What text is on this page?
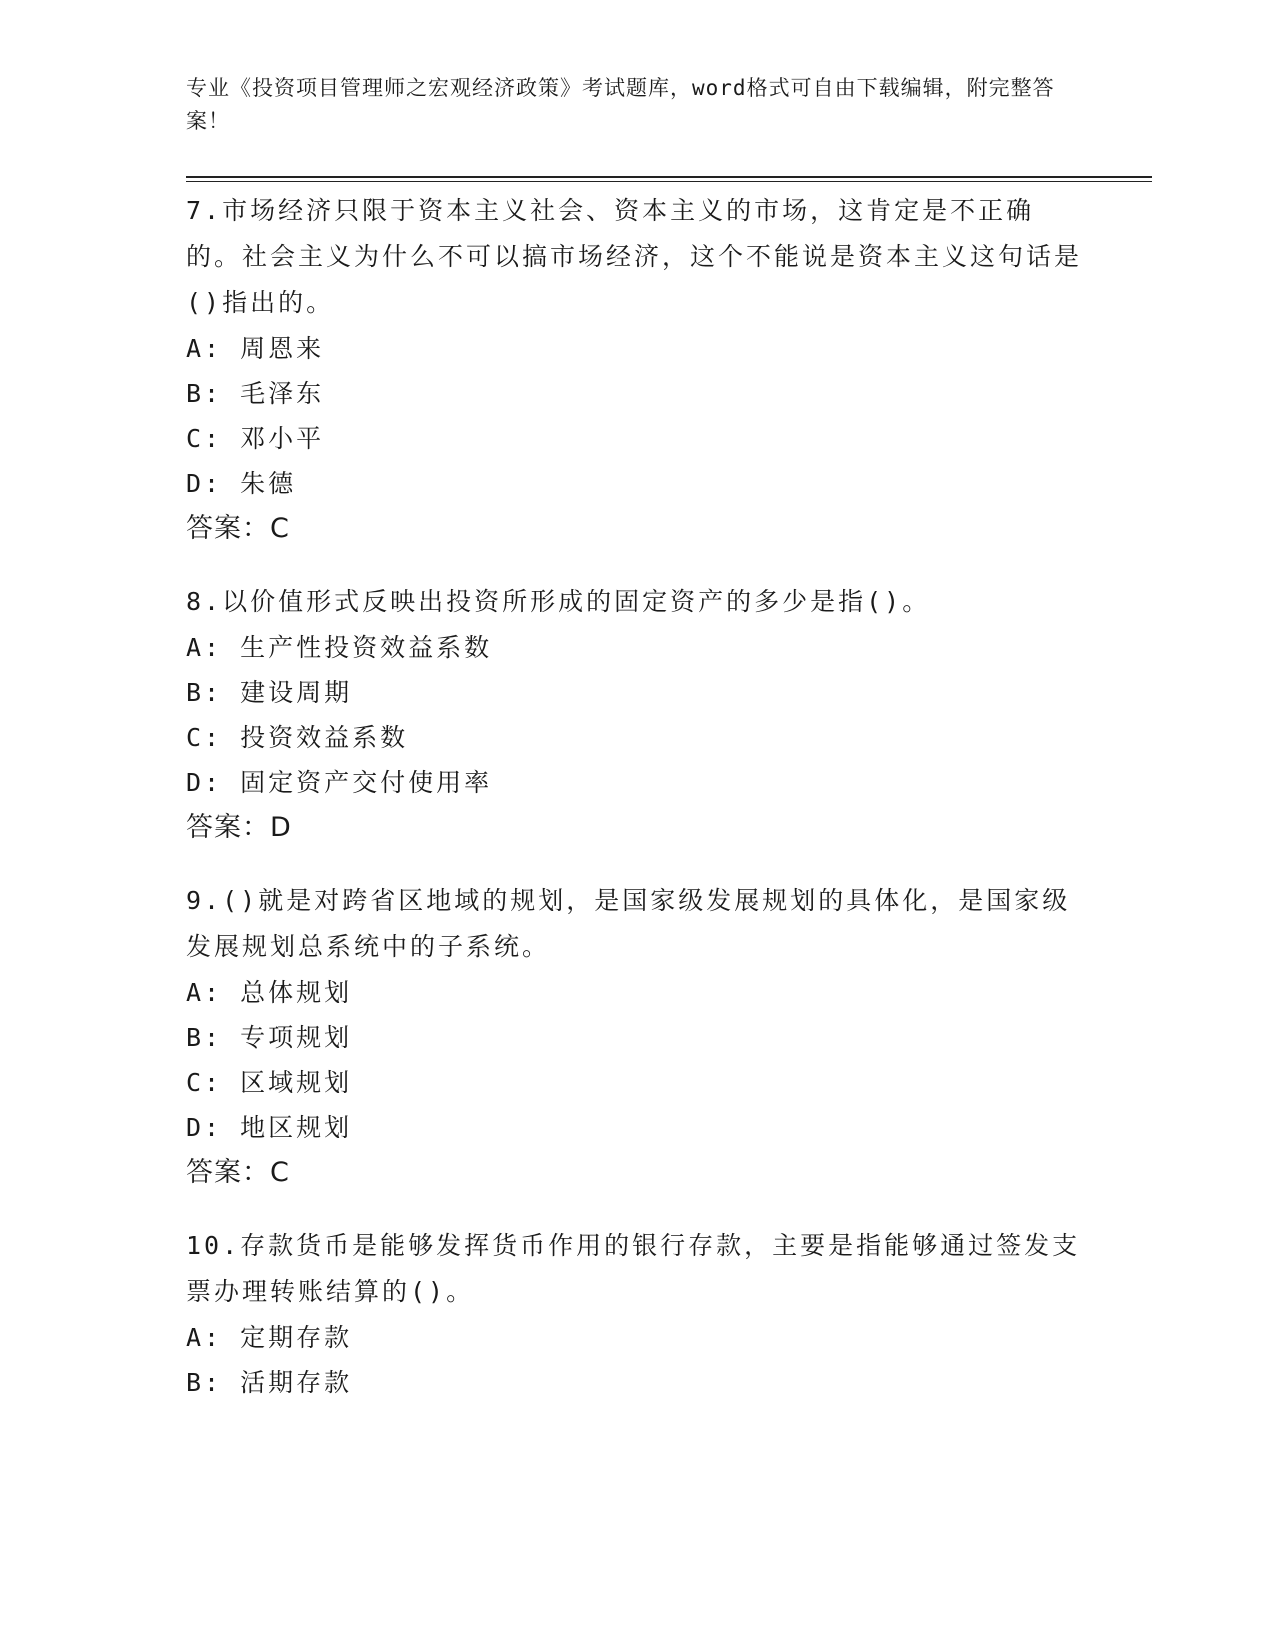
专业《投资项目管理师之宏观经济政策》考试题库，word格式可自由下载编辑，附完整答案！

7.市场经济只限于资本主义社会、资本主义的市场，这肯定是不正确的。社会主义为什么不可以搞市场经济，这个不能说是资本主义这句话是()指出的。

A: 周恩来

B: 毛泽东

C: 邓小平

D: 朱德

答案：C

8.以价值形式反映出投资所形成的固定资产的多少是指()。

A: 生产性投资效益系数

B: 建设周期

C: 投资效益系数

D: 固定资产交付使用率

答案：D

9.()就是对跨省区地域的规划，是国家级发展规划的具体化，是国家级发展规划总系统中的子系统。

A: 总体规划

B: 专项规划

C: 区域规划

D: 地区规划

答案：C

10.存款货币是能够发挥货币作用的银行存款，主要是指能够通过签发支票办理转账结算的()。

A: 定期存款

B: 活期存款
